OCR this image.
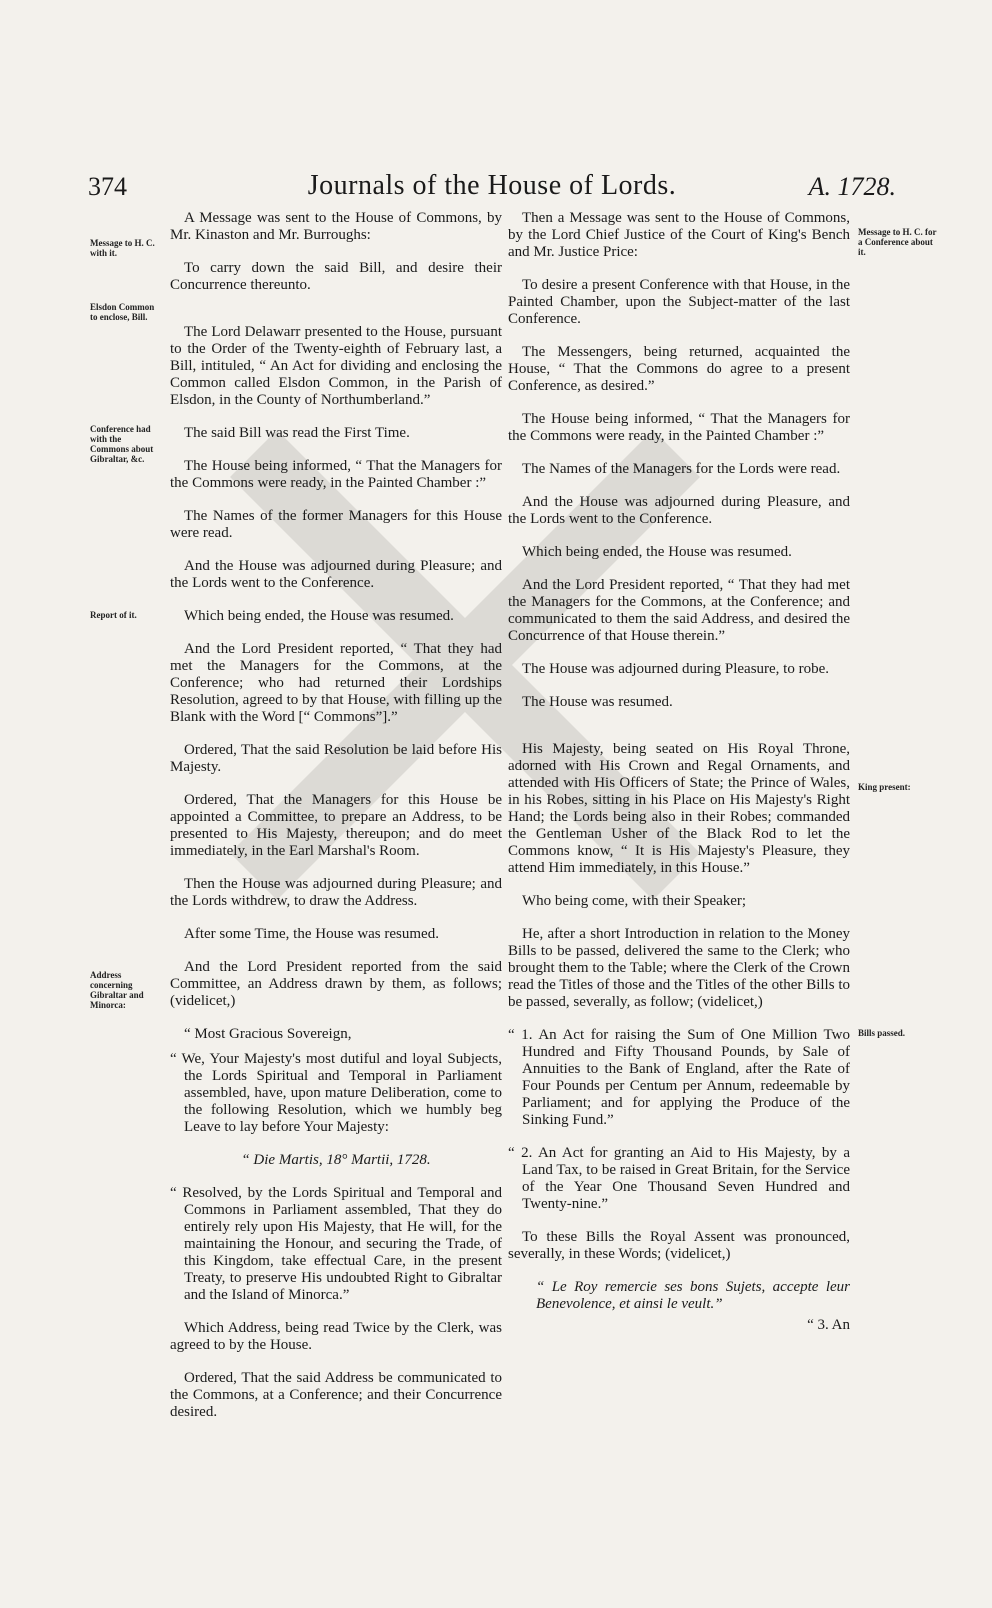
374	Journals of the House of Lords.	A. 1728.
Message to H. C. with it.
Elsdon Common to enclose, Bill.
Conference had with the Commons about Gibraltar, &c.
Report of it.
Address concerning Gibraltar and Minorca:
Message to H. C. for a Conference about it.
King present:
Bills passed.

A Message was sent to the House of Commons, by Mr. Kinaston and Mr. Burroughs:

To carry down the said Bill, and desire their Concurrence thereunto.

The Lord Delawarr presented to the House, pursuant to the Order of the Twenty-eighth of February last, a Bill, intituled, “ An Act for dividing and enclosing the Common called Elsdon Common, in the Parish of Elsdon, in the County of Northumberland.”

The said Bill was read the First Time.

The House being informed, “ That the Managers for the Commons were ready, in the Painted Chamber :”

The Names of the former Managers for this House were read.

And the House was adjourned during Pleasure; and the Lords went to the Conference.

Which being ended, the House was resumed.

And the Lord President reported, “ That they had met the Managers for the Commons, at the Conference; who had returned their Lordships Resolution, agreed to by that House, with filling up the Blank with the Word [“ Commons”].”

Ordered, That the said Resolution be laid before His Majesty.

Ordered, That the Managers for this House be appointed a Committee, to prepare an Address, to be presented to His Majesty, thereupon; and do meet immediately, in the Earl Marshal's Room.

Then the House was adjourned during Pleasure; and the Lords withdrew, to draw the Address.

After some Time, the House was resumed.

And the Lord President reported from the said Committee, an Address drawn by them, as follows; (videlicet,)

“ Most Gracious Sovereign,

“ We, Your Majesty's most dutiful and loyal Subjects, the Lords Spiritual and Temporal in Parliament assembled, have, upon mature Deliberation, come to the following Resolution, which we humbly beg Leave to lay before Your Majesty:

“ Die Martis, 18° Martii, 1728.

“ Resolved, by the Lords Spiritual and Temporal and Commons in Parliament assembled, That they do entirely rely upon His Majesty, that He will, for the maintaining the Honour, and securing the Trade, of this Kingdom, take effectual Care, in the present Treaty, to preserve His undoubted Right to Gibraltar and the Island of Minorca.”

Which Address, being read Twice by the Clerk, was agreed to by the House.

Ordered, That the said Address be communicated to the Commons, at a Conference; and their Concurrence desired.

Then a Message was sent to the House of Commons, by the Lord Chief Justice of the Court of King's Bench and Mr. Justice Price:

To desire a present Conference with that House, in the Painted Chamber, upon the Subject-matter of the last Conference.

The Messengers, being returned, acquainted the House, “ That the Commons do agree to a present Conference, as desired.”

The House being informed, “ That the Managers for the Commons were ready, in the Painted Chamber :”

The Names of the Managers for the Lords were read.

And the House was adjourned during Pleasure, and the Lords went to the Conference.

Which being ended, the House was resumed.

And the Lord President reported, “ That they had met the Managers for the Commons, at the Conference; and communicated to them the said Address, and desired the Concurrence of that House therein.”

The House was adjourned during Pleasure, to robe.

The House was resumed.

His Majesty, being seated on His Royal Throne, adorned with His Crown and Regal Ornaments, and attended with His Officers of State; the Prince of Wales, in his Robes, sitting in his Place on His Majesty's Right Hand; the Lords being also in their Robes; commanded the Gentleman Usher of the Black Rod to let the Commons know, “ It is His Majesty's Pleasure, they attend Him immediately, in this House.”

Who being come, with their Speaker;

He, after a short Introduction in relation to the Money Bills to be passed, delivered the same to the Clerk; who brought them to the Table; where the Clerk of the Crown read the Titles of those and the Titles of the other Bills to be passed, severally, as follow; (videlicet,)

“ 1. An Act for raising the Sum of One Million Two Hundred and Fifty Thousand Pounds, by Sale of Annuities to the Bank of England, after the Rate of Four Pounds per Centum per Annum, redeemable by Parliament; and for applying the Produce of the Sinking Fund.”

“ 2. An Act for granting an Aid to His Majesty, by a Land Tax, to be raised in Great Britain, for the Service of the Year One Thousand Seven Hundred and Twenty-nine.”

To these Bills the Royal Assent was pronounced, severally, in these Words; (videlicet,)

“ Le Roy remercie ses bons Sujets, accepte leur Benevolence, et ainsi le veult.”

“ 3. An
